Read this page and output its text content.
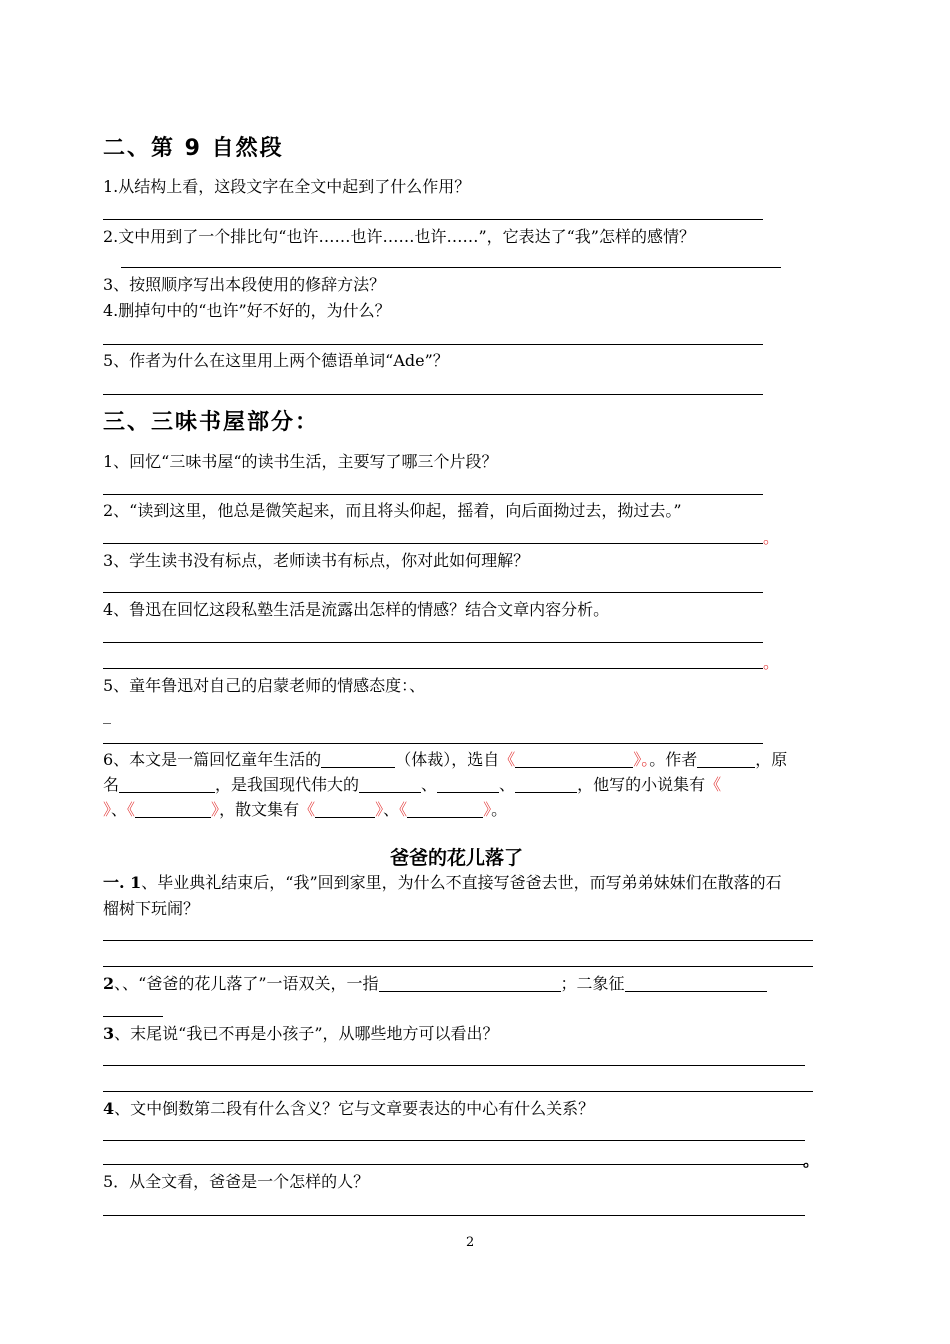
二、第 9 自然段
1.从结构上看，这段文字在全文中起到了什么作用？
2.文中用到了一个排比句“也许……也许……也许……”，它表达了“我”怎样的感情？
3、按照顺序写出本段使用的修辞方法？
4.删掉句中的“也许”好不好的，为什么？
5、作者为什么在这里用上两个德语单词“Ade”？
三、三味书屋部分：
1、回忆“三味书屋“的读书生活，主要写了哪三个片段？
2、“读到这里，他总是微笑起来，而且将头仰起，摇着，向后面拗过去，拗过去。”
。
3、学生读书没有标点，老师读书有标点，你对此如何理解？
4、鲁迅在回忆这段私塾生活是流露出怎样的情感？结合文章内容分析。
。
5、童年鲁迅对自己的启蒙老师的情感态度：、
_
6、本文是一篇回忆童年生活的	（体裁），选自《	》。。作者	，原
名	，是我国现代伟大的	、	、	，他写的小说集有《
》、《	》，散文集有《	》、《	》。
爸爸的花儿落了
一. 1、毕业典礼结束后，“我”回到家里，为什么不直接写爸爸去世，而写弟弟妹妹们在散落的石
榴树下玩闹？
2、、“爸爸的花儿落了”一语双关，一指	；二象征
3、末尾说“我已不再是小孩子”，从哪些地方可以看出？
4、文中倒数第二段有什么含义？它与文章要表达的中心有什么关系？
。
5．从全文看，爸爸是一个怎样的人？
2
